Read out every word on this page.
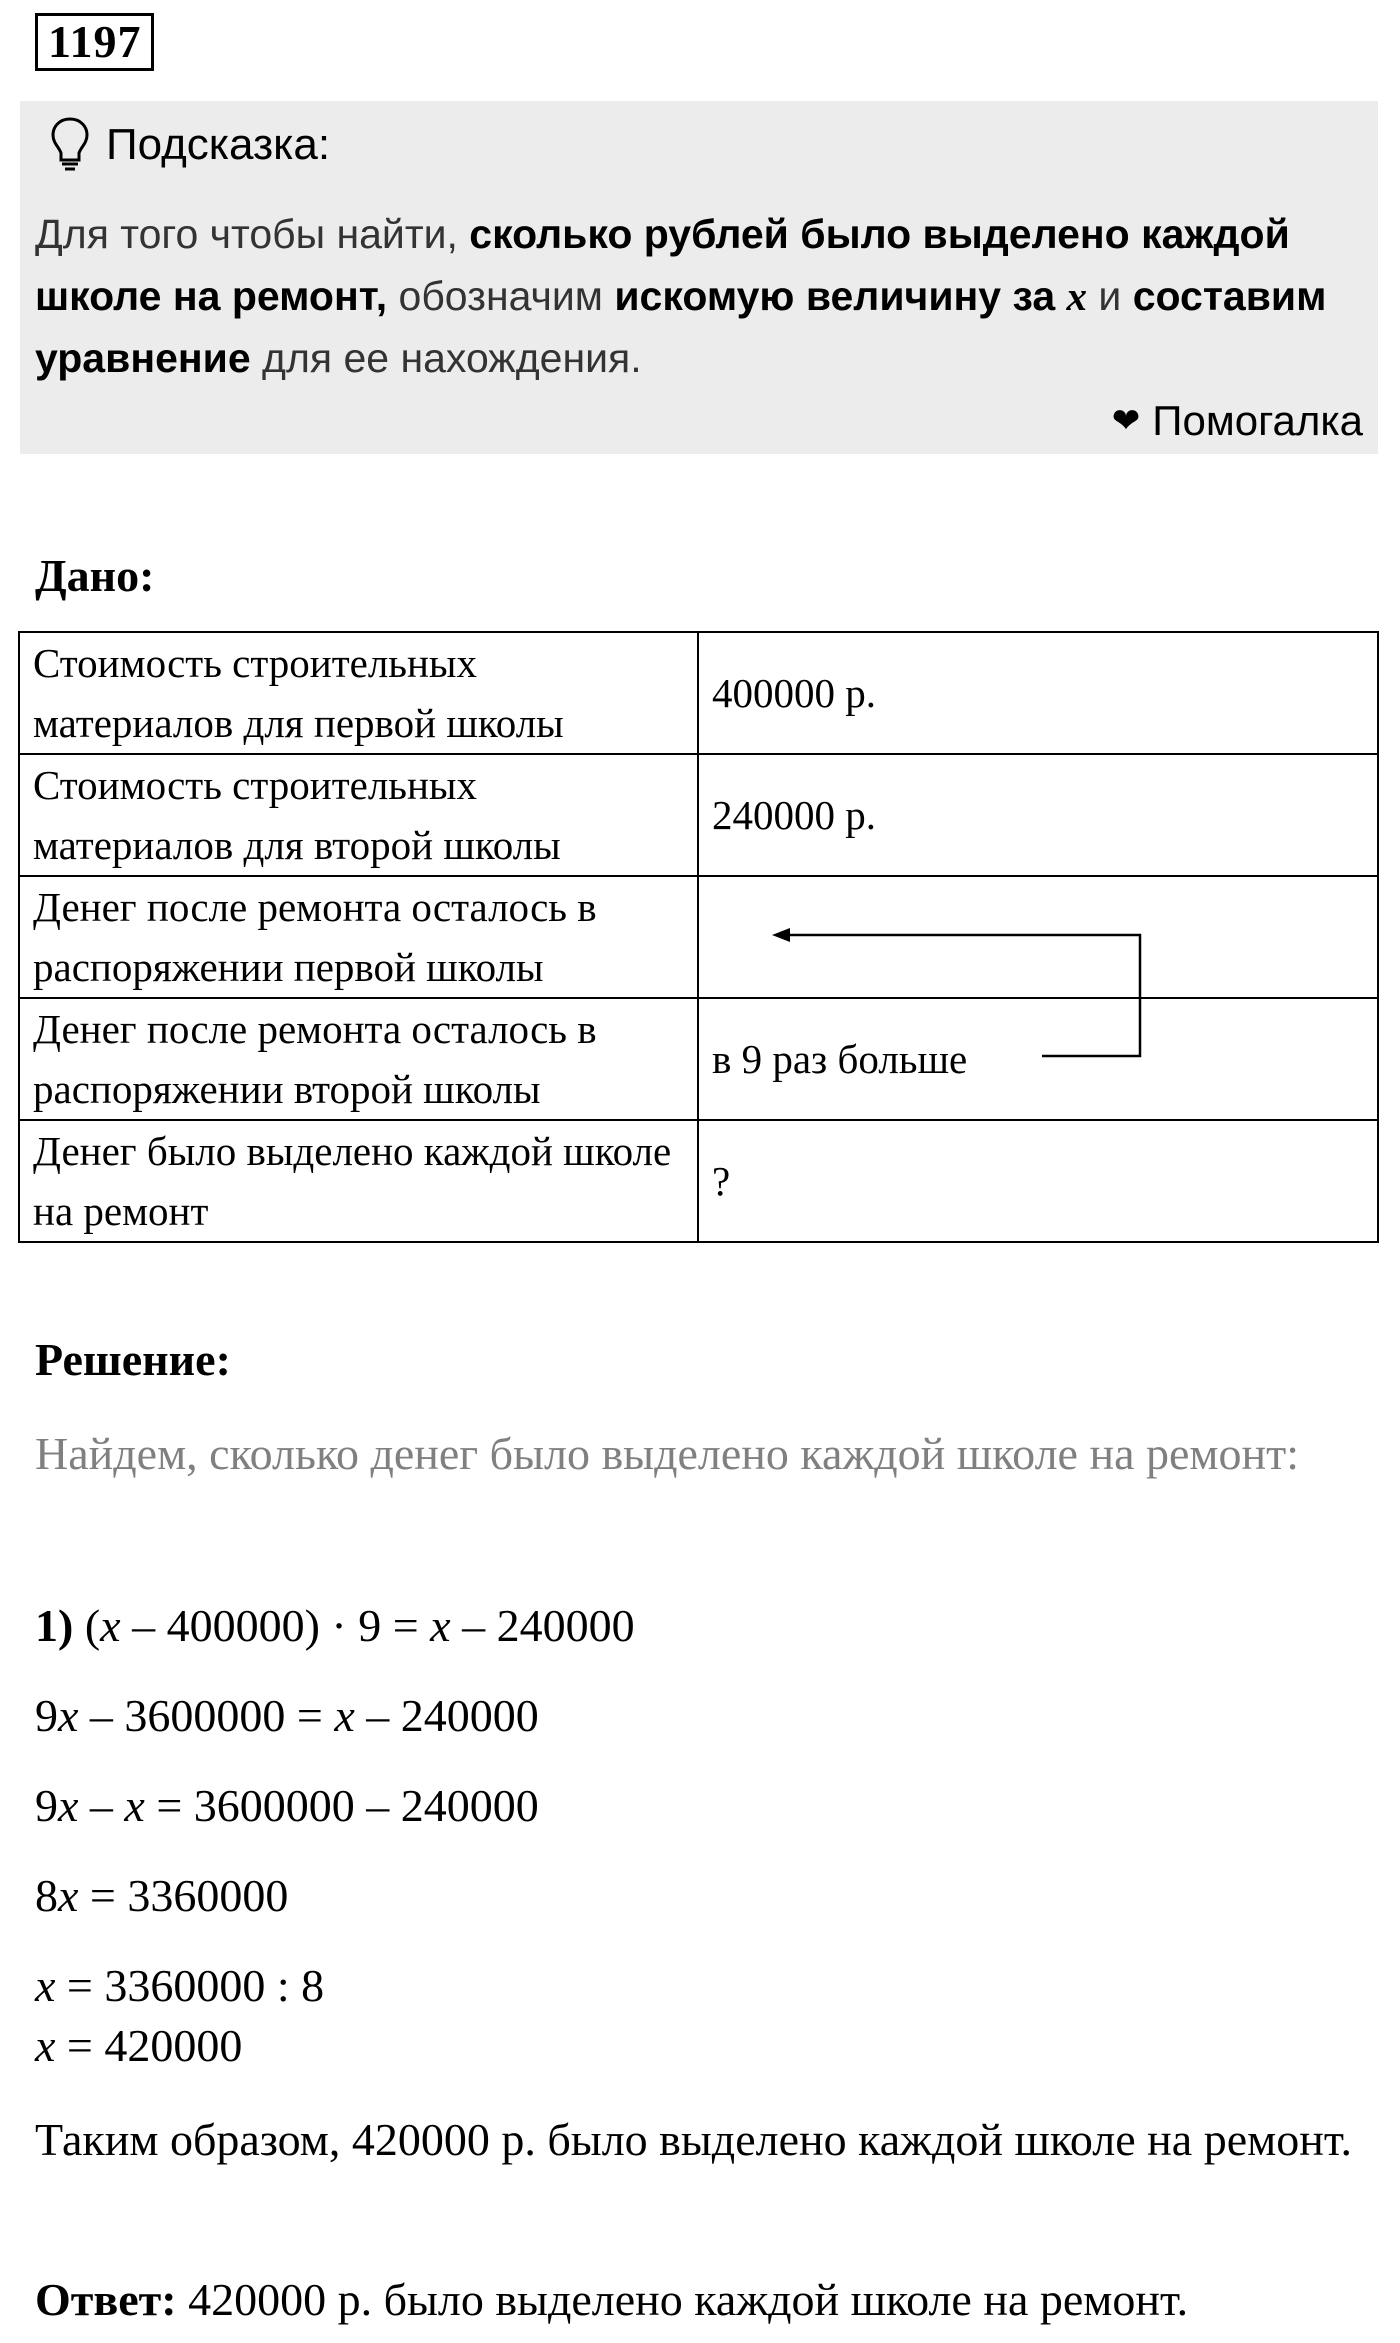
1197
Подсказка:
Для того чтобы найти, сколько рублей было выделено каждой школе на ремонт, обозначим искомую величину за x и составим уравнение для ее нахождения.
❤ Помогалка
Дано:
Стоимость строительных материалов для первой школы	400000 р.
Стоимость строительных материалов для второй школы	240000 р.
Денег после ремонта осталось в распоряжении первой школы	
Денег после ремонта осталось в распоряжении второй школы	в 9 раз больше
Денег было выделено каждой школе на ремонт	?
Решение:
Найдем, сколько денег было выделено каждой школе на ремонт:
1) (x – 400000) · 9 = x – 240000
9x – 3600000 = x – 240000
9x – x = 3600000 – 240000
8x = 3360000
x = 3360000 : 8
x = 420000
Таким образом, 420000 р. было выделено каждой школе на ремонт.
Ответ: 420000 р. было выделено каждой школе на ремонт.
